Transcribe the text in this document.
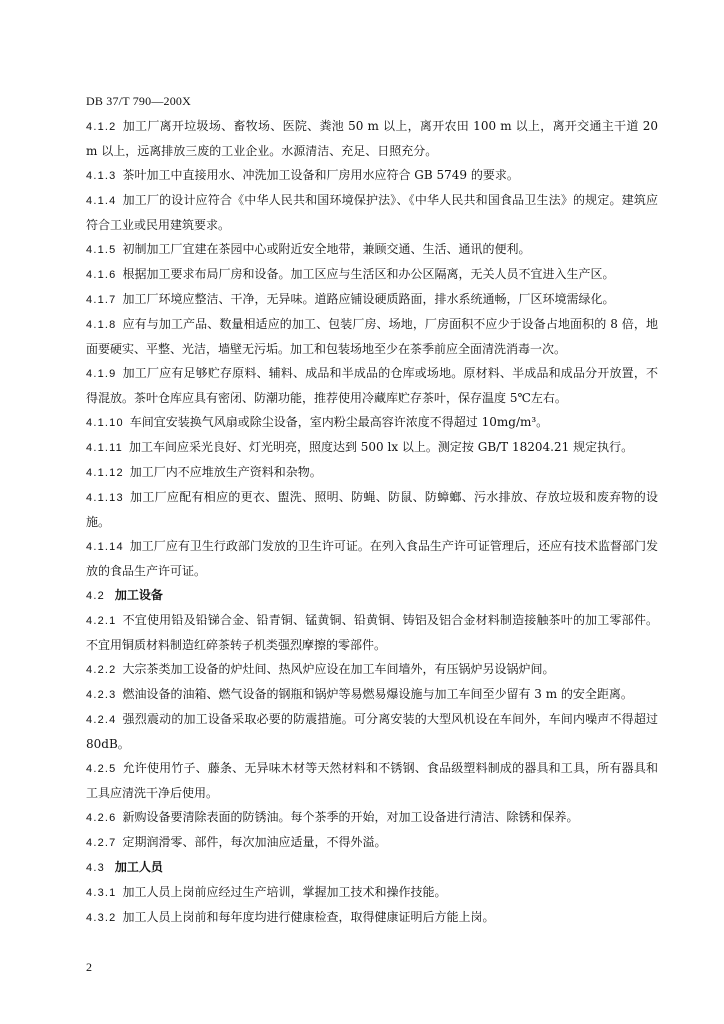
DB 37/T 790—200X
4.1.2 加工厂离开垃圾场、畜牧场、医院、粪池 50 m 以上，离开农田 100 m 以上，离开交通主干道 20 m 以上，远离排放三废的工业企业。水源清洁、充足、日照充分。
4.1.3 茶叶加工中直接用水、冲洗加工设备和厂房用水应符合 GB 5749 的要求。
4.1.4 加工厂的设计应符合《中华人民共和国环境保护法》、《中华人民共和国食品卫生法》的规定。建筑应符合工业或民用建筑要求。
4.1.5 初制加工厂宜建在茶园中心或附近安全地带，兼顾交通、生活、通讯的便利。
4.1.6 根据加工要求布局厂房和设备。加工区应与生活区和办公区隔离，无关人员不宜进入生产区。
4.1.7 加工厂环境应整洁、干净，无异味。道路应铺设硬质路面，排水系统通畅，厂区环境需绿化。
4.1.8 应有与加工产品、数量相适应的加工、包装厂房、场地，厂房面积不应少于设备占地面积的 8 倍，地面要硬实、平整、光洁，墙壁无污垢。加工和包装场地至少在茶季前应全面清洗消毒一次。
4.1.9 加工厂应有足够贮存原料、辅料、成品和半成品的仓库或场地。原材料、半成品和成品分开放置，不得混放。茶叶仓库应具有密闭、防潮功能，推荐使用冷藏库贮存茶叶，保存温度 5℃左右。
4.1.10 车间宜安装换气风扇或除尘设备，室内粉尘最高容许浓度不得超过 10mg/m³。
4.1.11 加工车间应采光良好、灯光明亮，照度达到 500 lx 以上。测定按 GB/T 18204.21 规定执行。
4.1.12 加工厂内不应堆放生产资料和杂物。
4.1.13 加工厂应配有相应的更衣、盥洗、照明、防蝇、防鼠、防蟑螂、污水排放、存放垃圾和废弃物的设施。
4.1.14 加工厂应有卫生行政部门发放的卫生许可证。在列入食品生产许可证管理后，还应有技术监督部门发放的食品生产许可证。
4.2 加工设备
4.2.1 不宜使用铅及铅锑合金、铅青铜、锰黄铜、铅黄铜、铸铝及铝合金材料制造接触茶叶的加工零部件。不宜用铜质材料制造红碎茶转子机类强烈摩擦的零部件。
4.2.2 大宗茶类加工设备的炉灶间、热风炉应设在加工车间墙外，有压锅炉另设锅炉间。
4.2.3 燃油设备的油箱、燃气设备的钢瓶和锅炉等易燃易爆设施与加工车间至少留有 3 m 的安全距离。
4.2.4 强烈震动的加工设备采取必要的防震措施。可分离安装的大型风机设在车间外，车间内噪声不得超过 80dB。
4.2.5 允许使用竹子、藤条、无异味木材等天然材料和不锈钢、食品级塑料制成的器具和工具，所有器具和工具应清洗干净后使用。
4.2.6 新购设备要清除表面的防锈油。每个茶季的开始，对加工设备进行清洁、除锈和保养。
4.2.7 定期润滑零、部件，每次加油应适量，不得外溢。
4.3 加工人员
4.3.1 加工人员上岗前应经过生产培训，掌握加工技术和操作技能。
4.3.2 加工人员上岗前和每年度均进行健康检查，取得健康证明后方能上岗。
2
